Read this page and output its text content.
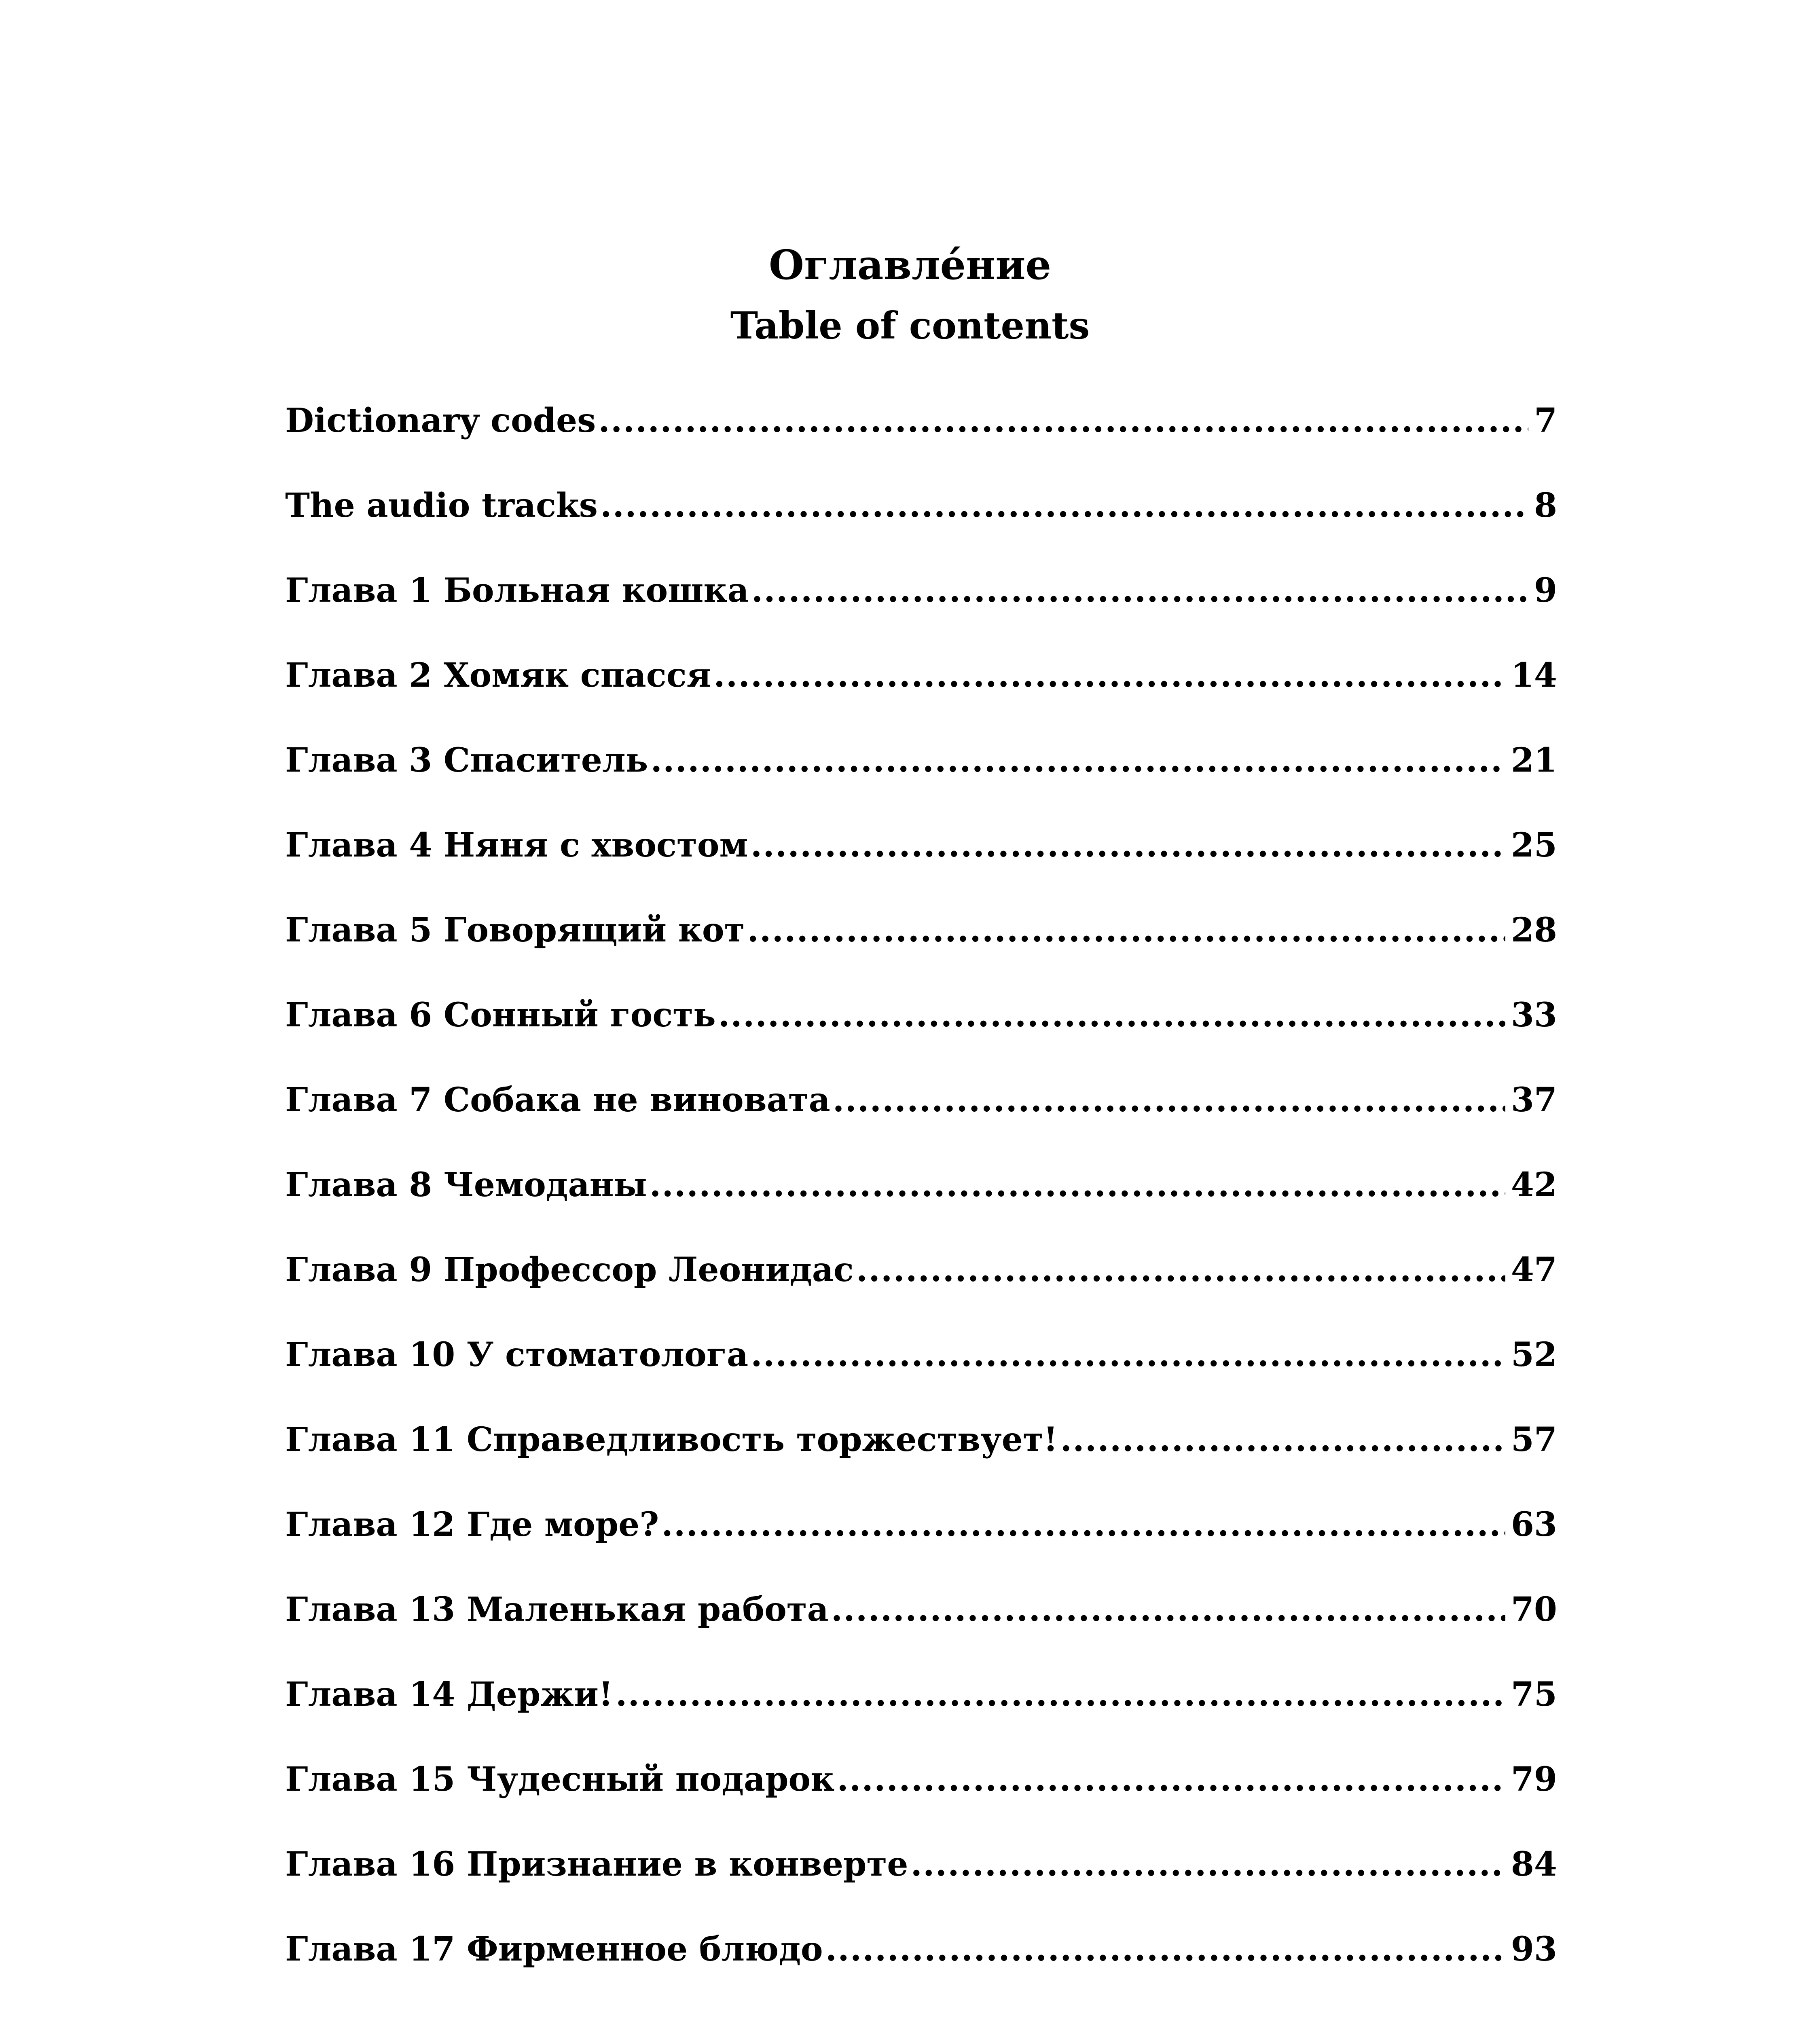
Оглавле́ние
Table of contents
Dictionary codes .....	7
The audio tracks .....	8
Глава 1 Больная кошка .....	9
Глава 2 Хомяк спасся .....	14
Глава 3 Спаситель .....	21
Глава 4 Няня с хвостом .....	25
Глава 5 Говорящий кот .....	28
Глава 6 Сонный гость .....	33
Глава 7 Собака не виновата .....	37
Глава 8 Чемоданы .....	42
Глава 9 Профессор Леонидас .....	47
Глава 10 У стоматолога .....	52
Глава 11 Справедливость торжествует! .....	57
Глава 12 Где море? .....	63
Глава 13 Маленькая работа .....	70
Глава 14 Держи! .....	75
Глава 15 Чудесный подарок .....	79
Глава 16 Признание в конверте .....	84
Глава 17 Фирменное блюдо .....	93
